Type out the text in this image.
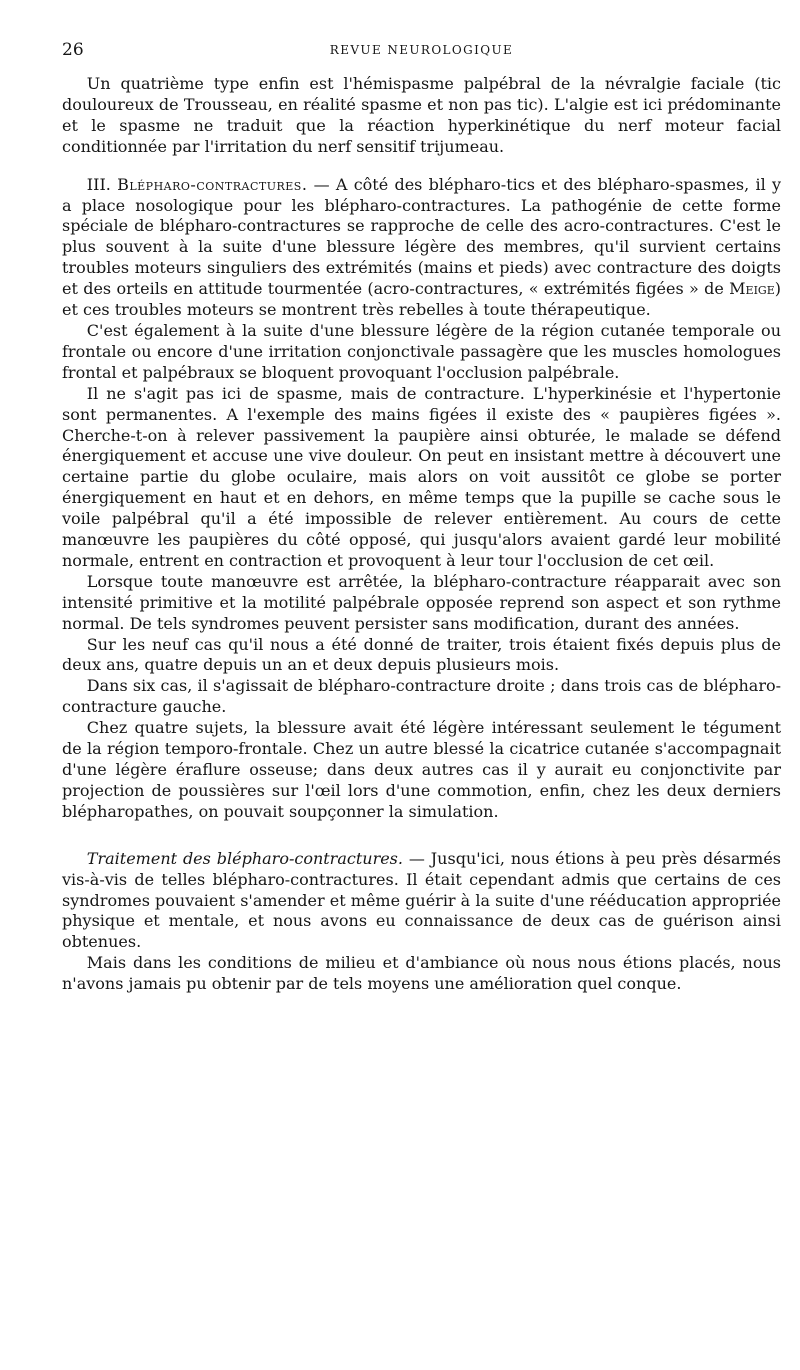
26	REVUE NEUROLOGIQUE

Un quatrième type enfin est l'hémispasme palpébral de la névralgie faciale (tic douloureux de Trousseau, en réalité spasme et non pas tic). L'algie est ici prédominante et le spasme ne traduit que la réaction hyperkinétique du nerf moteur facial conditionnée par l'irritation du nerf sensitif trijumeau.

III. Blépharo-contractures. — A côté des blépharo-tics et des blépharo-spasmes, il y a place nosologique pour les blépharo-contractures. La pathogénie de cette forme spéciale de blépharo-contractures se rapproche de celle des acro-contractures. C'est le plus souvent à la suite d'une blessure légère des membres, qu'il survient certains troubles moteurs singuliers des extrémités (mains et pieds) avec contracture des doigts et des orteils en attitude tourmentée (acro-contractures, « extrémités figées » de Meige) et ces troubles moteurs se montrent très rebelles à toute thérapeutique.

C'est également à la suite d'une blessure légère de la région cutanée temporale ou frontale ou encore d'une irritation conjonctivale passagère que les muscles homologues frontal et palpébraux se bloquent provoquant l'occlusion palpébrale.

Il ne s'agit pas ici de spasme, mais de contracture. L'hyperkinésie et l'hypertonie sont permanentes. A l'exemple des mains figées il existe des « paupières figées ». Cherche-t-on à relever passivement la paupière ainsi obturée, le malade se défend énergiquement et accuse une vive douleur. On peut en insistant mettre à découvert une certaine partie du globe oculaire, mais alors on voit aussitôt ce globe se porter énergiquement en haut et en dehors, en même temps que la pupille se cache sous le voile palpébral qu'il a été impossible de relever entièrement. Au cours de cette manœuvre les paupières du côté opposé, qui jusqu'alors avaient gardé leur mobilité normale, entrent en contraction et provoquent à leur tour l'occlusion de cet œil.

Lorsque toute manœuvre est arrêtée, la blépharo-contracture réapparait avec son intensité primitive et la motilité palpébrale opposée reprend son aspect et son rythme normal. De tels syndromes peuvent persister sans modification, durant des années.

Sur les neuf cas qu'il nous a été donné de traiter, trois étaient fixés depuis plus de deux ans, quatre depuis un an et deux depuis plusieurs mois.

Dans six cas, il s'agissait de blépharo-contracture droite ; dans trois cas de blépharo-contracture gauche.

Chez quatre sujets, la blessure avait été légère intéressant seulement le tégument de la région temporo-frontale. Chez un autre blessé la cicatrice cutanée s'accompagnait d'une légère éraflure osseuse; dans deux autres cas il y aurait eu conjonctivite par projection de poussières sur l'œil lors d'une commotion, enfin, chez les deux derniers blépharopathes, on pouvait soupçonner la simulation.

Traitement des blépharo-contractures. — Jusqu'ici, nous étions à peu près désarmés vis-à-vis de telles blépharo-contractures. Il était cependant admis que certains de ces syndromes pouvaient s'amender et même guérir à la suite d'une rééducation appropriée physique et mentale, et nous avons eu connaissance de deux cas de guérison ainsi obtenues.

Mais dans les conditions de milieu et d'ambiance où nous nous étions placés, nous n'avons jamais pu obtenir par de tels moyens une amélioration quel conque.
